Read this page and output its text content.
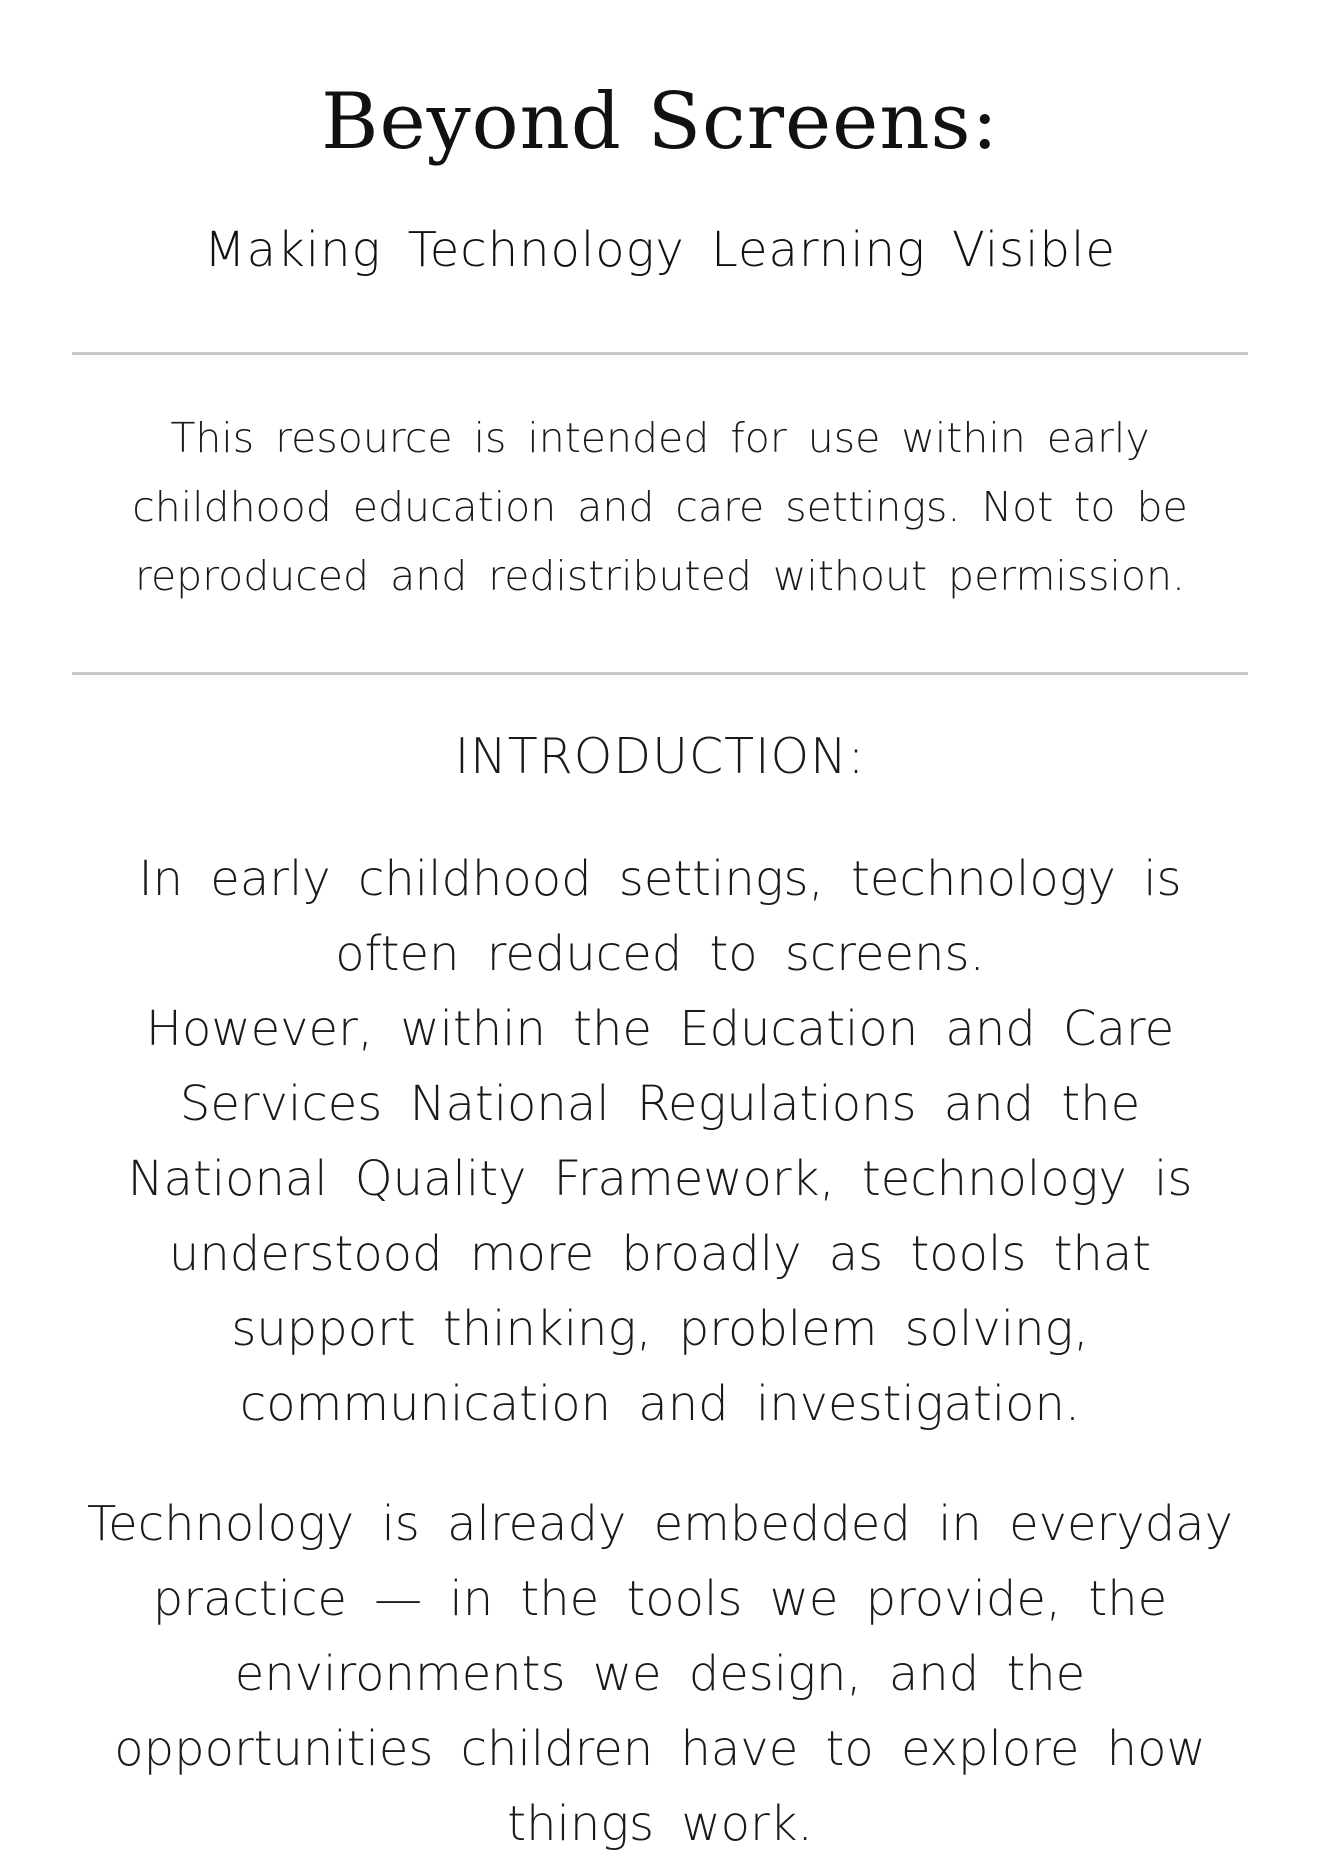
Beyond Screens:
Making Technology Learning Visible
This resource is intended for use within early childhood education and care settings. Not to be reproduced and redistributed without permission.
INTRODUCTION:
In early childhood settings, technology is often reduced to screens.
However, within the Education and Care Services National Regulations and the National Quality Framework, technology is understood more broadly as tools that support thinking, problem solving, communication and investigation.
Technology is already embedded in everyday practice — in the tools we provide, the environments we design, and the opportunities children have to explore how things work.
